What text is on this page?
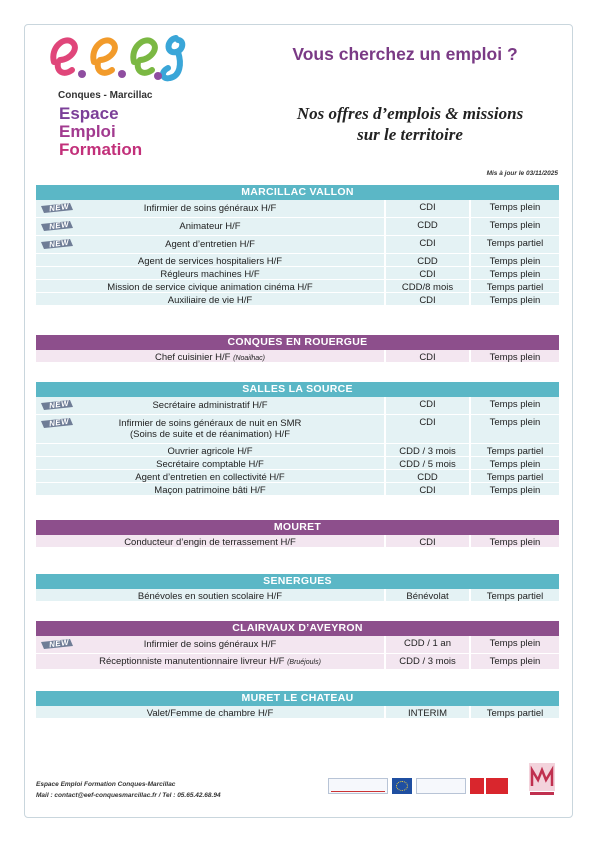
Conques - Marcillac
Espace
Emploi
Formation
Vous cherchez un emploi ?
Nos offres d’emplois & missions
sur le territoire
Mis à jour le 03/11/2025
MARCILLAC VALLON
NEW	Infirmier de soins généraux H/F	CDI	Temps plein
NEW	Animateur H/F	CDD	Temps plein
NEW	Agent d’entretien H/F	CDI	Temps partiel
Agent de services hospitaliers H/F	CDD	Temps plein
Régleurs machines H/F	CDI	Temps plein
Mission de service civique animation cinéma H/F	CDD/8 mois	Temps partiel
Auxiliaire de vie H/F	CDI	Temps plein
CONQUES EN ROUERGUE
Chef cuisinier H/F (Noailhac)	CDI	Temps plein
SALLES LA SOURCE
NEW	Secrétaire administratif H/F	CDI	Temps plein
NEW	Infirmier de soins généraux de nuit en SMR
(Soins de suite et de réanimation) H/F
CDI	Temps plein
Ouvrier agricole H/F	CDD / 3 mois	Temps partiel
Secrétaire comptable H/F	CDD / 5 mois	Temps plein
Agent d’entretien en collectivité H/F	CDD	Temps partiel
Maçon patrimoine bâti H/F	CDI	Temps plein
MOURET
Conducteur d’engin de terrassement H/F	CDI	Temps plein
SENERGUES
Bénévoles en soutien scolaire H/F	Bénévolat	Temps partiel
CLAIRVAUX D’AVEYRON
NEW	Infirmier de soins généraux H/F	CDD / 1 an	Temps plein
Réceptionniste manutentionnaire livreur H/F (Bruéjouls)	CDD / 3 mois	Temps plein
MURET LE CHATEAU
Valet/Femme de chambre H/F	INTERIM	Temps partiel
Espace Emploi Formation Conques-Marcillac
Mail : contact@eef-conquesmarcillac.fr / Tel : 05.65.42.68.94
